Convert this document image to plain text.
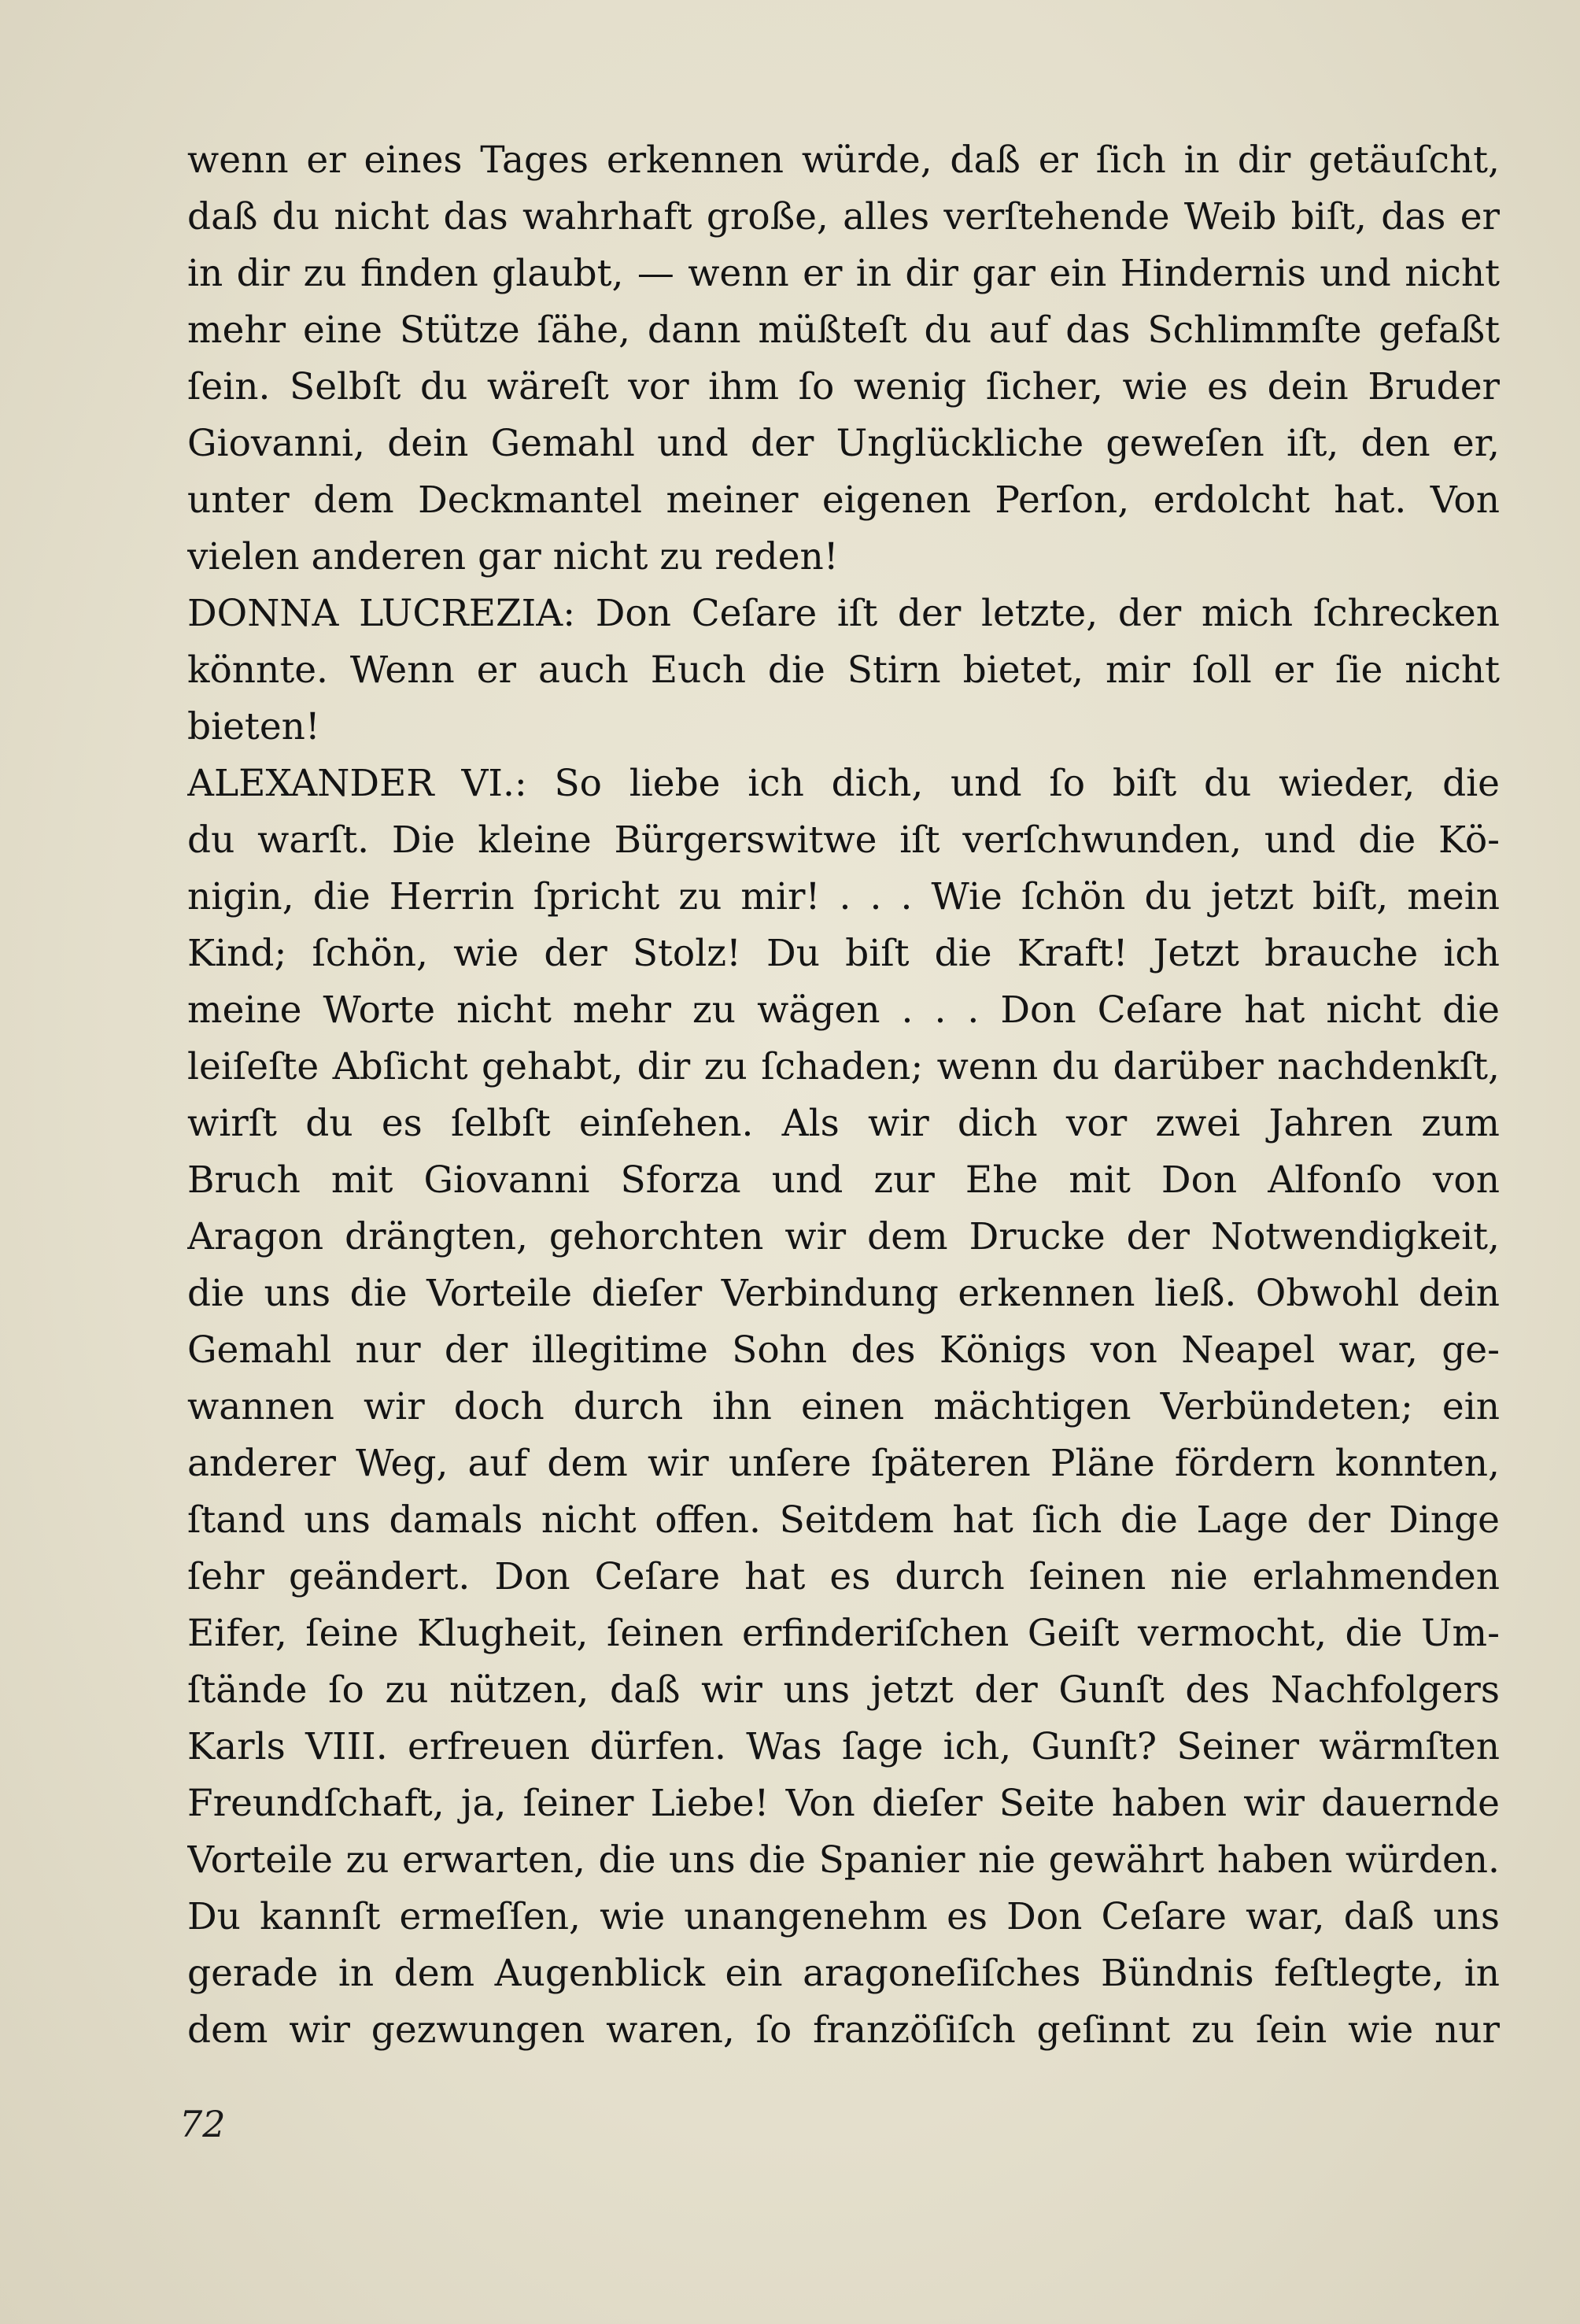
wenn er eines Tages erkennen würde, daß er ſich in dir getäuſcht,
daß du nicht das wahrhaft große, alles verſtehende Weib biſt, das er
in dir zu finden glaubt, — wenn er in dir gar ein Hindernis und nicht
mehr eine Stütze ſähe, dann müßteſt du auf das Schlimmſte gefaßt
ſein. Selbſt du wäreſt vor ihm ſo wenig ſicher, wie es dein Bruder
Giovanni, dein Gemahl und der Unglückliche geweſen iſt, den er,
unter dem Deckmantel meiner eigenen Perſon, erdolcht hat. Von
vielen anderen gar nicht zu reden!
DONNA LUCREZIA: Don Ceſare iſt der letzte, der mich ſchrecken
könnte. Wenn er auch Euch die Stirn bietet, mir ſoll er ſie nicht
bieten!
ALEXANDER VI.: So liebe ich dich, und ſo biſt du wieder, die
du warſt. Die kleine Bürgerswitwe iſt verſchwunden, und die Kö-
nigin, die Herrin ſpricht zu mir! . . . Wie ſchön du jetzt biſt, mein
Kind; ſchön, wie der Stolz! Du biſt die Kraft! Jetzt brauche ich
meine Worte nicht mehr zu wägen . . . Don Ceſare hat nicht die
leiſeſte Abſicht gehabt, dir zu ſchaden; wenn du darüber nachdenkſt,
wirſt du es ſelbſt einſehen. Als wir dich vor zwei Jahren zum
Bruch mit Giovanni Sforza und zur Ehe mit Don Alfonſo von
Aragon drängten, gehorchten wir dem Drucke der Notwendigkeit,
die uns die Vorteile dieſer Verbindung erkennen ließ. Obwohl dein
Gemahl nur der illegitime Sohn des Königs von Neapel war, ge-
wannen wir doch durch ihn einen mächtigen Verbündeten; ein
anderer Weg, auf dem wir unſere ſpäteren Pläne fördern konnten,
ſtand uns damals nicht offen. Seitdem hat ſich die Lage der Dinge
ſehr geändert. Don Ceſare hat es durch ſeinen nie erlahmenden
Eifer, ſeine Klugheit, ſeinen erfinderiſchen Geiſt vermocht, die Um-
ſtände ſo zu nützen, daß wir uns jetzt der Gunſt des Nachfolgers
Karls VIII. erfreuen dürfen. Was ſage ich, Gunſt? Seiner wärmſten
Freundſchaft, ja, ſeiner Liebe! Von dieſer Seite haben wir dauernde
Vorteile zu erwarten, die uns die Spanier nie gewährt haben würden.
Du kannſt ermeſſen, wie unangenehm es Don Ceſare war, daß uns
gerade in dem Augenblick ein aragoneſiſches Bündnis feſtlegte, in
dem wir gezwungen waren, ſo franzöſiſch geſinnt zu ſein wie nur
72
